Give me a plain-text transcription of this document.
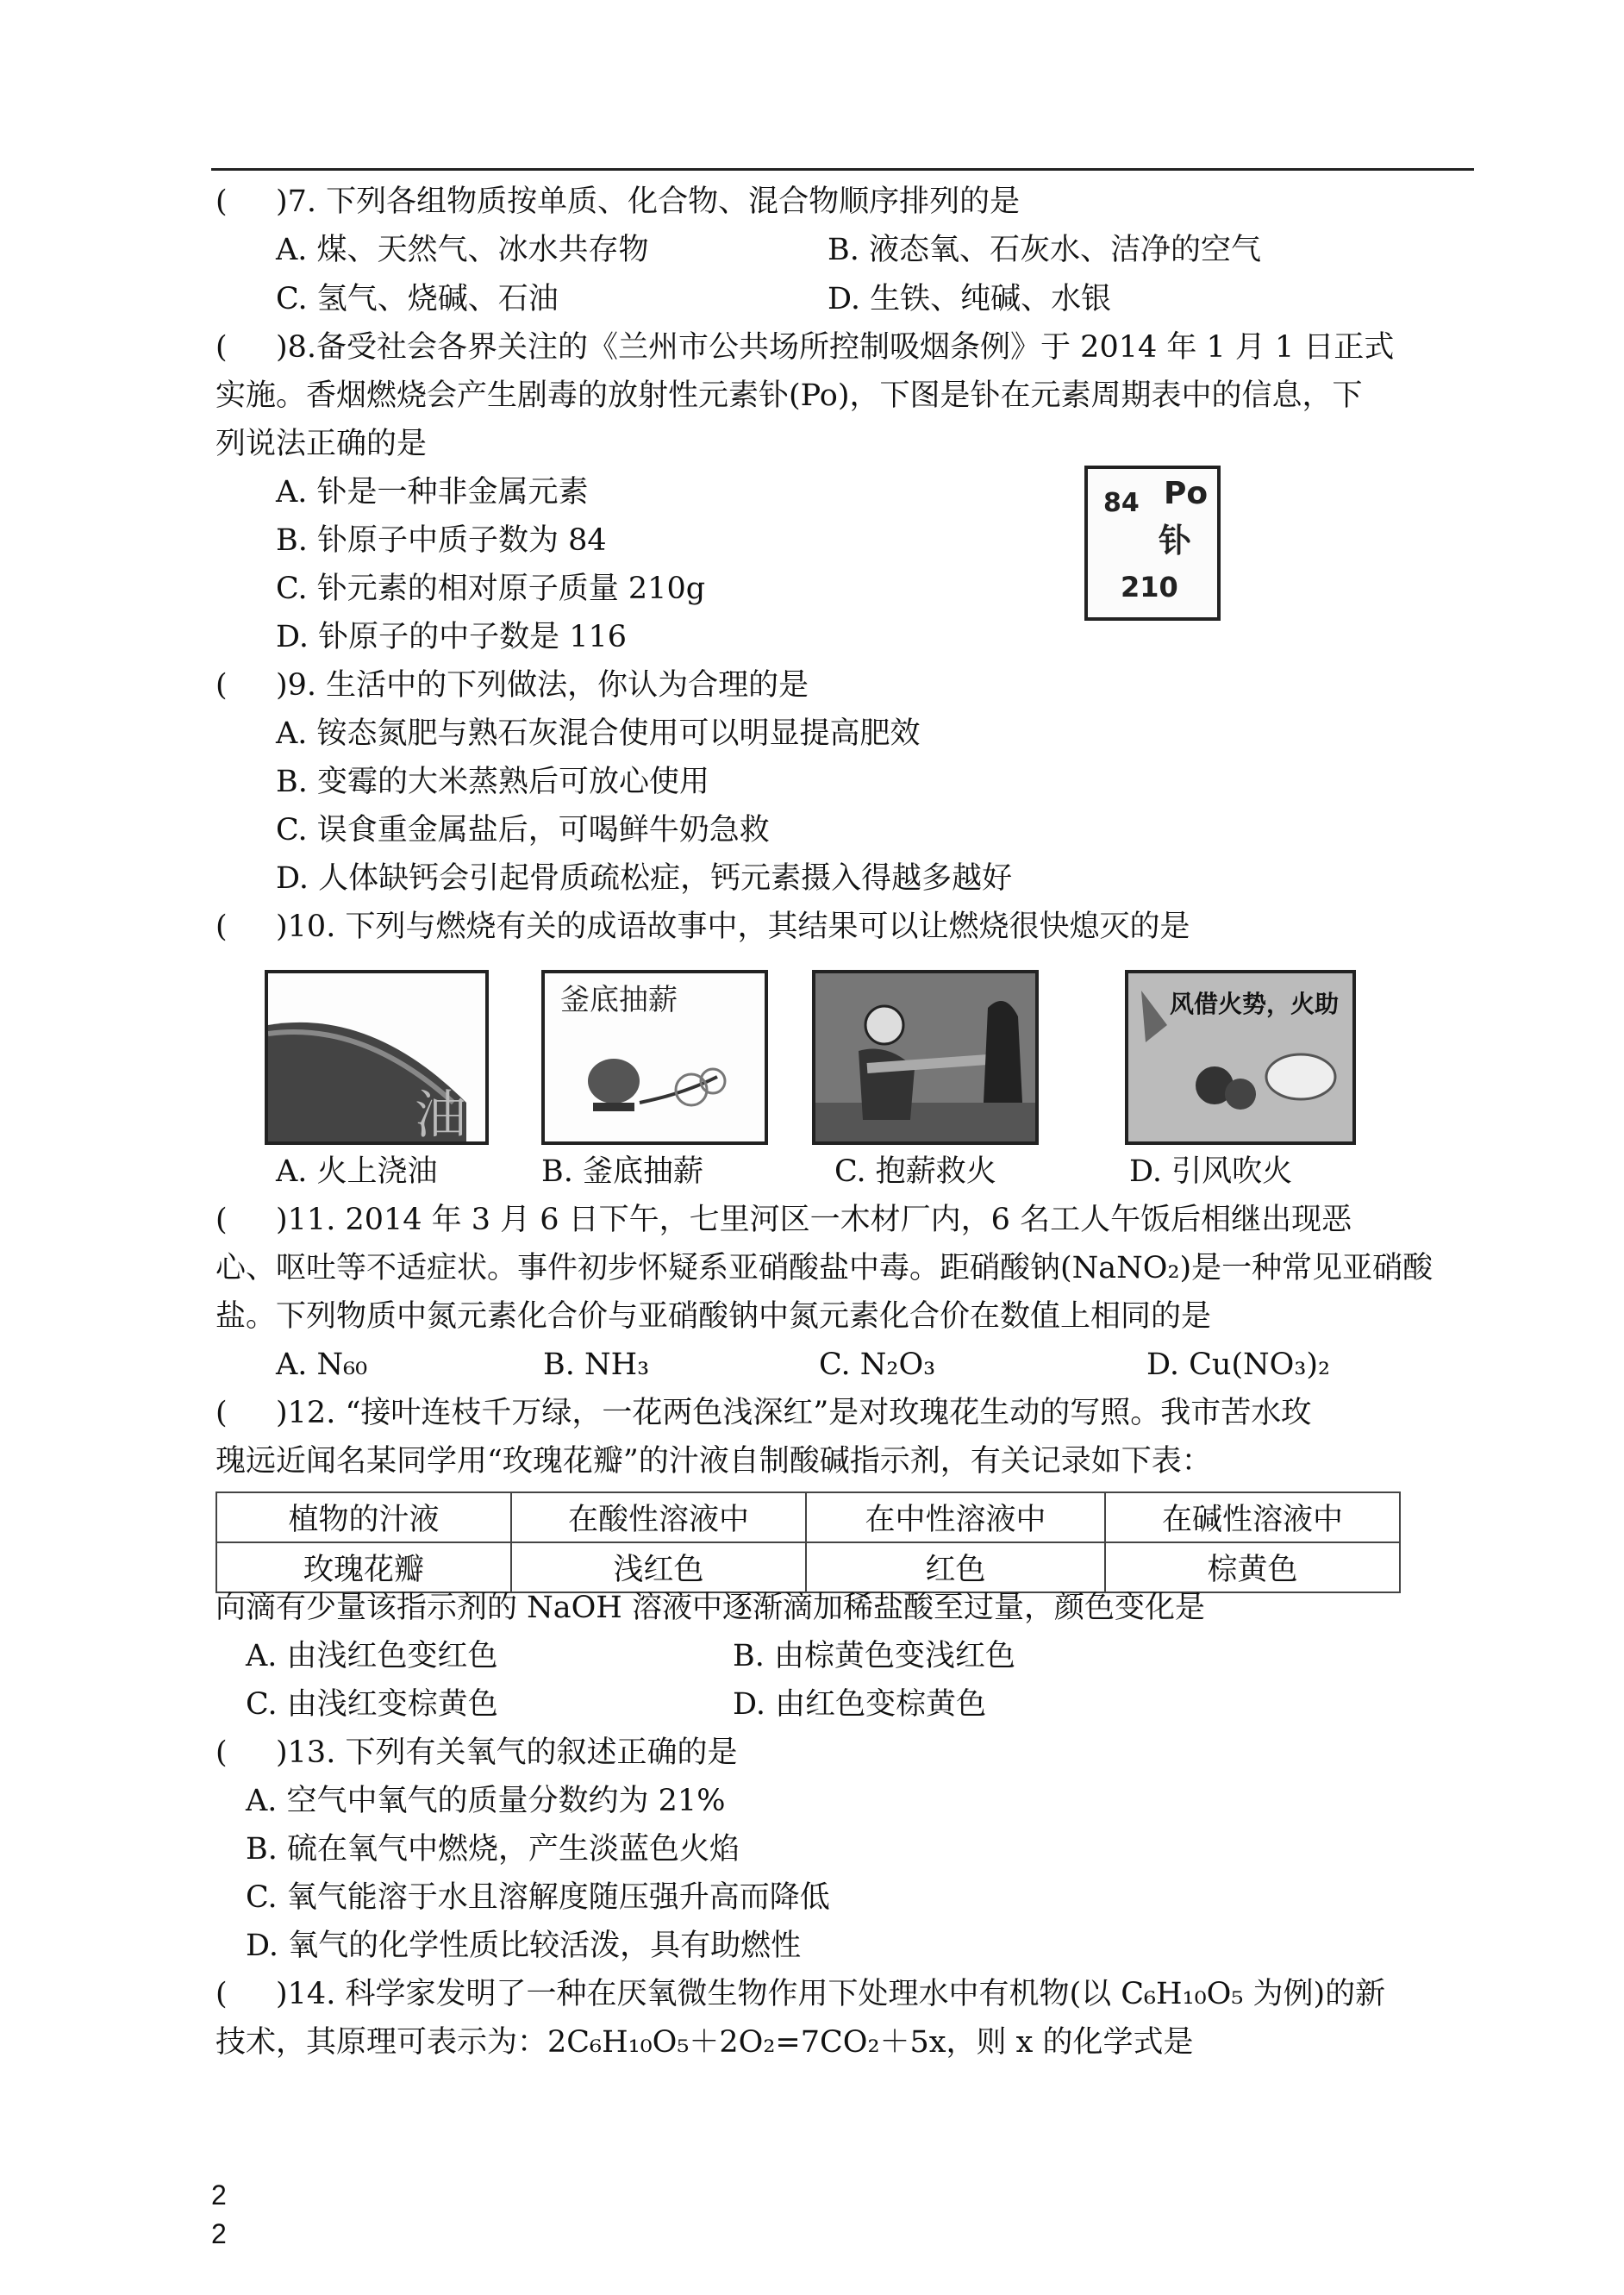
( )7. 下列各组物质按单质、化合物、混合物顺序排列的是
A. 煤、天然气、冰水共存物	B. 液态氧、石灰水、洁净的空气
C. 氢气、烧碱、石油	D. 生铁、纯碱、水银
( )8.备受社会各界关注的《兰州市公共场所控制吸烟条例》于 2014 年 1 月 1 日正式
实施。香烟燃烧会产生剧毒的放射性元素钋(Po)，下图是钋在元素周期表中的信息，下
列说法正确的是
A. 钋是一种非金属元素
B. 钋原子中质子数为 84
C. 钋元素的相对原子质量 210g
D. 钋原子的中子数是 116
84 Po
钋
210
( )9. 生活中的下列做法，你认为合理的是
A. 铵态氮肥与熟石灰混合使用可以明显提高肥效
B. 变霉的大米蒸熟后可放心使用
C. 误食重金属盐后，可喝鲜牛奶急救
D. 人体缺钙会引起骨质疏松症，钙元素摄入得越多越好
( )10. 下列与燃烧有关的成语故事中，其结果可以让燃烧很快熄灭的是
油
釜底抽薪	风借火势，火助
A. 火上浇油	B. 釜底抽薪	C. 抱薪救火	D. 引风吹火
( )11. 2014 年 3 月 6 日下午，七里河区一木材厂内，6 名工人午饭后相继出现恶
心、呕吐等不适症状。事件初步怀疑系亚硝酸盐中毒。距硝酸钠(NaNO₂)是一种常见亚硝酸
盐。下列物质中氮元素化合价与亚硝酸钠中氮元素化合价在数值上相同的是
A. N₆₀	B. NH₃	C. N₂O₃	D. Cu(NO₃)₂
( )12. “接叶连枝千万绿，一花两色浅深红”是对玫瑰花生动的写照。我市苦水玫
瑰远近闻名某同学用“玫瑰花瓣”的汁液自制酸碱指示剂，有关记录如下表：
植物的汁液	在酸性溶液中	在中性溶液中	在碱性溶液中
玫瑰花瓣	浅红色	红色	棕黄色
向滴有少量该指示剂的 NaOH 溶液中逐渐滴加稀盐酸至过量，颜色变化是
A. 由浅红色变红色	B. 由棕黄色变浅红色
C. 由浅红变棕黄色	D. 由红色变棕黄色
( )13. 下列有关氧气的叙述正确的是
A. 空气中氧气的质量分数约为 21%
B. 硫在氧气中燃烧，产生淡蓝色火焰
C. 氧气能溶于水且溶解度随压强升高而降低
D. 氧气的化学性质比较活泼，具有助燃性
( )14. 科学家发明了一种在厌氧微生物作用下处理水中有机物(以 C₆H₁₀O₅ 为例)的新
技术，其原理可表示为：2C₆H₁₀O₅＋2O₂=7CO₂＋5x，则 x 的化学式是
2
2
